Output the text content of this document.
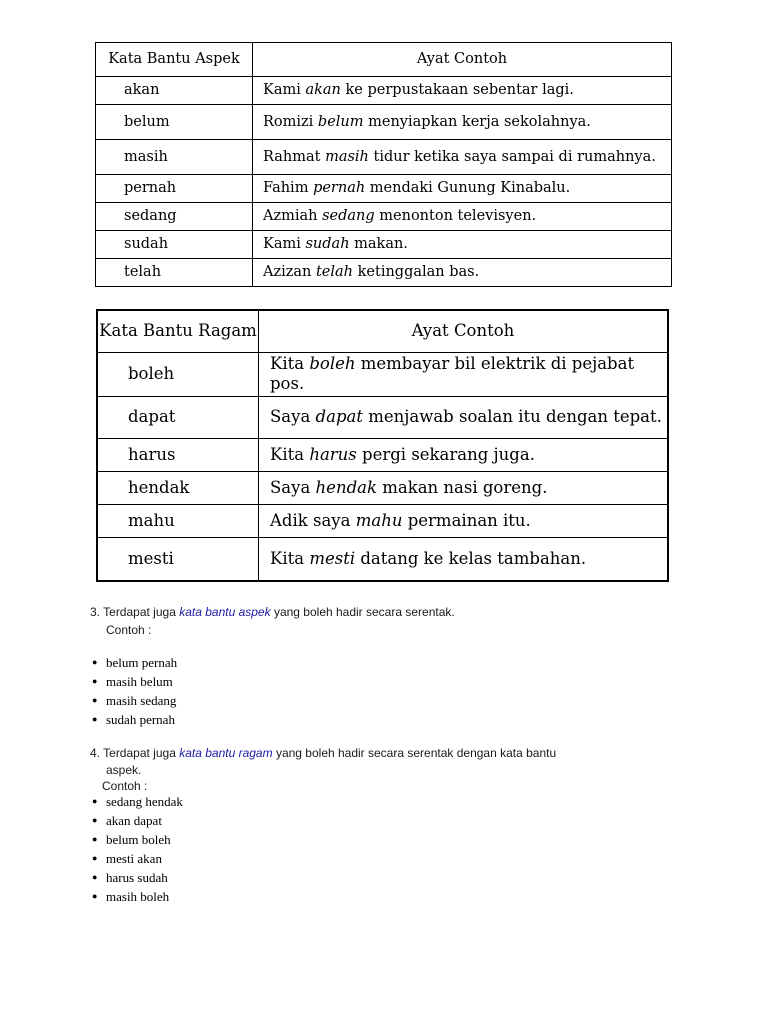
Kata Bantu Aspek	Ayat Contoh
akan	Kami akan ke perpustakaan sebentar lagi.
belum	Romizi belum menyiapkan kerja sekolahnya.
masih	Rahmat masih tidur ketika saya sampai di rumahnya.
pernah	Fahim pernah mendaki Gunung Kinabalu.
sedang	Azmiah sedang menonton televisyen.
sudah	Kami sudah makan.
telah	Azizan telah ketinggalan bas.
Kata Bantu Ragam	Ayat Contoh
boleh	Kita boleh membayar bil elektrik di pejabat pos.
dapat	Saya dapat menjawab soalan itu dengan tepat.
harus	Kita harus pergi sekarang juga.
hendak	Saya hendak makan nasi goreng.
mahu	Adik saya mahu permainan itu.
mesti	Kita mesti datang ke kelas tambahan.
3. Terdapat juga kata bantu aspek yang boleh hadir secara serentak.
Contoh :
● belum pernah
● masih belum
● masih sedang
● sudah pernah
4. Terdapat juga kata bantu ragam yang boleh hadir secara serentak dengan kata bantu
aspek.
Contoh :
● sedang hendak
● akan dapat
● belum boleh
● mesti akan
● harus sudah
● masih boleh
